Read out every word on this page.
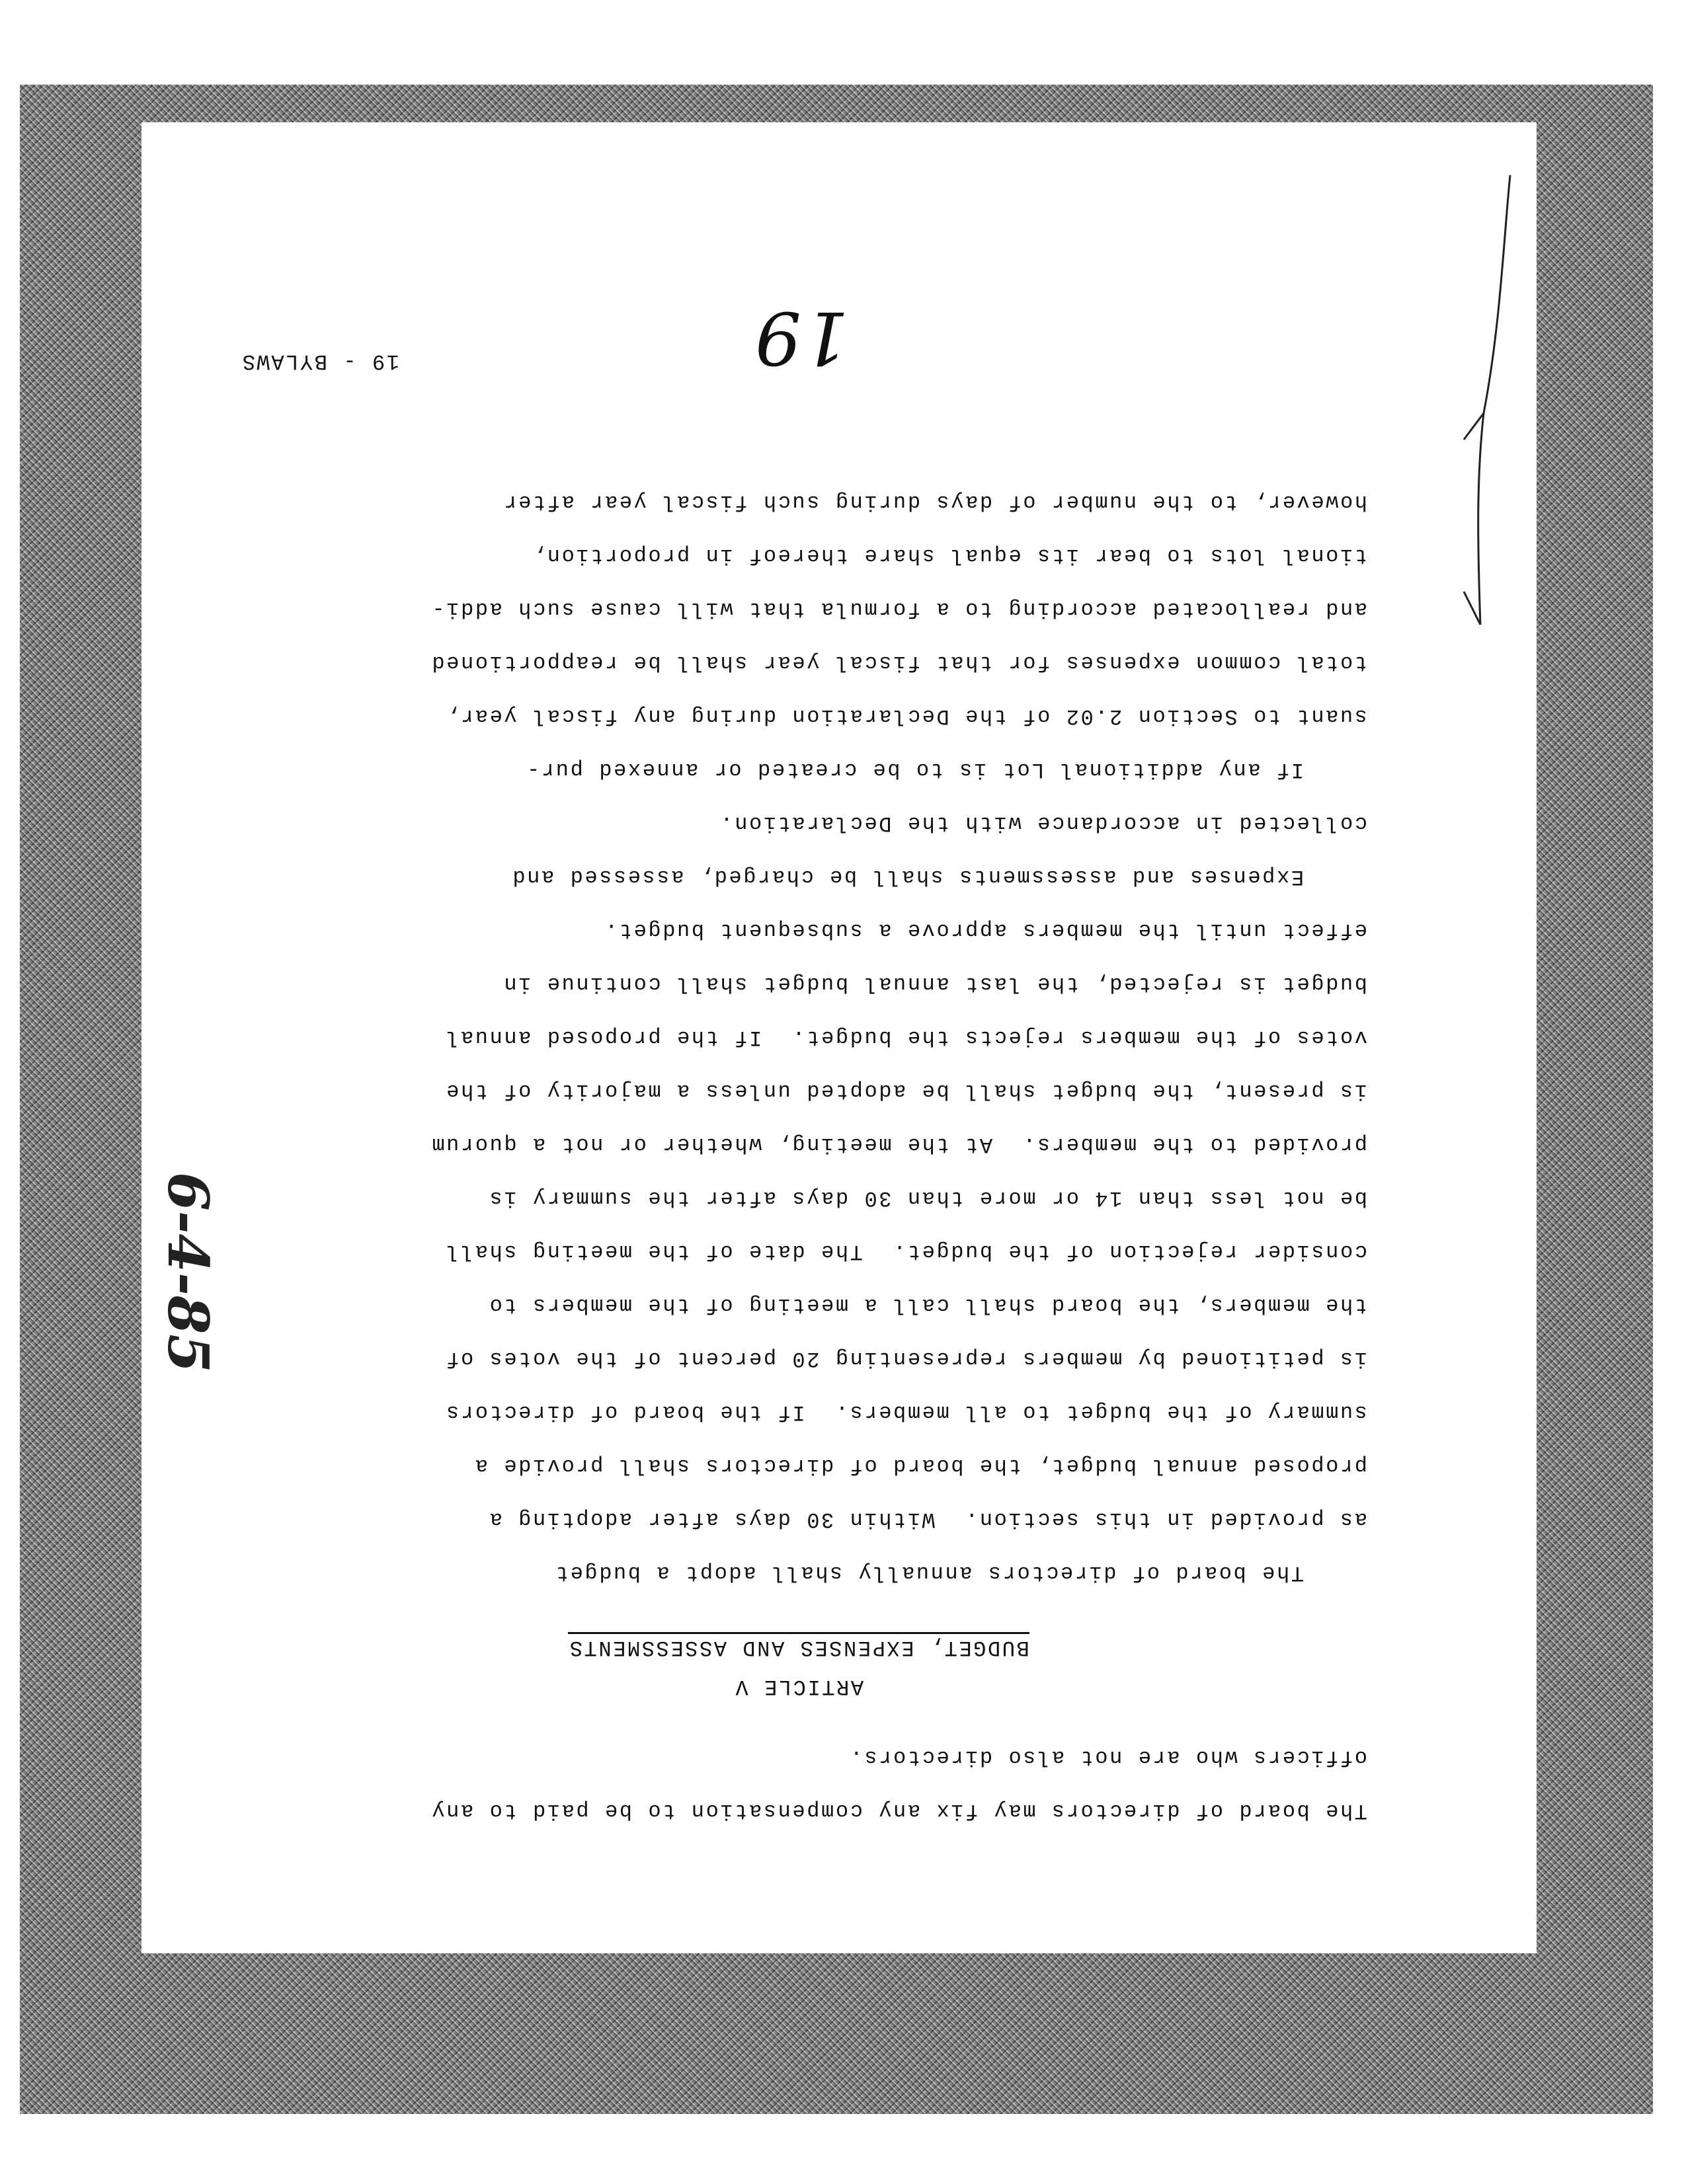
The board of directors may fix any compensation to be paid to any
officers who are not also directors.
ARTICLE V
BUDGET, EXPENSES AND ASSESSMENTS
The board of directors annually shall adopt a budget
as provided in this section.  Within 30 days after adopting a
proposed annual budget, the board of directors shall provide a
summary of the budget to all members.  If the board of directors
is petitioned by members representing 20 percent of the votes of
the members, the board shall call a meeting of the members to
consider rejection of the budget.  The date of the meeting shall
be not less than 14 or more than 30 days after the summary is
provided to the members.  At the meeting, whether or not a quorum
is present, the budget shall be adopted unless a majority of the
votes of the members rejects the budget.  If the proposed annual
budget is rejected, the last annual budget shall continue in
effect until the members approve a subsequent budget.
Expenses and assessments shall be charged, assessed and
collected in accordance with the Declaration.
If any additional Lot is to be created or annexed pur-
suant to Section 2.02 of the Declaration during any fiscal year,
total common expenses for that fiscal year shall be reapportioned
and reallocated according to a formula that will cause such addi-
tional lots to bear its equal share thereof in proportion,
however, to the number of days during such fiscal year after
19
19 - BYLAWS
6-4-85
